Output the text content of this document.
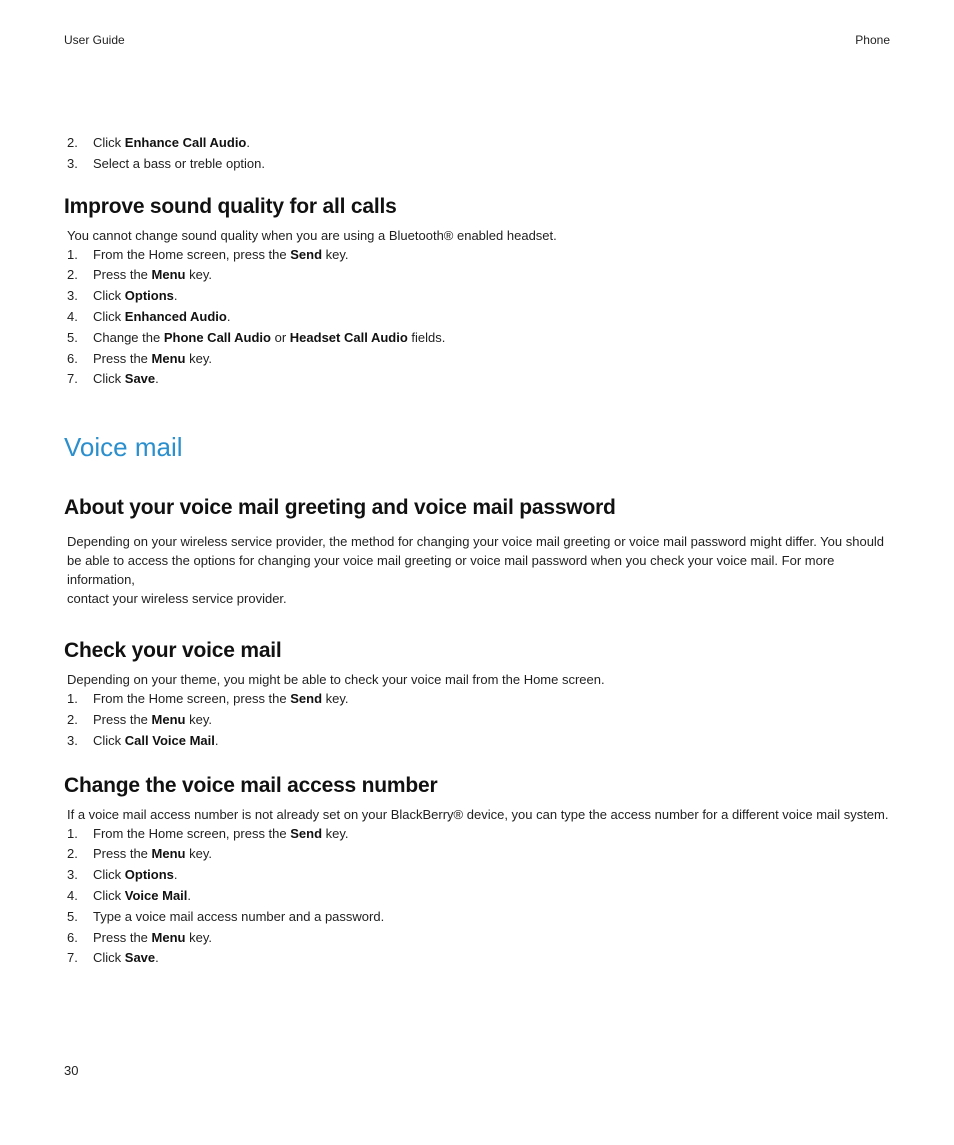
User Guide	Phone
2. Click Enhance Call Audio.
3. Select a bass or treble option.
Improve sound quality for all calls

You cannot change sound quality when you are using a Bluetooth® enabled headset.

1. From the Home screen, press the Send key.
2. Press the Menu key.
3. Click Options.
4. Click Enhanced Audio.
5. Change the Phone Call Audio or Headset Call Audio fields.
6. Press the Menu key.
7. Click Save.
Voice mail
About your voice mail greeting and voice mail password

Depending on your wireless service provider, the method for changing your voice mail greeting or voice mail password might differ. You should
be able to access the options for changing your voice mail greeting or voice mail password when you check your voice mail. For more information,
contact your wireless service provider.

Check your voice mail

Depending on your theme, you might be able to check your voice mail from the Home screen.

1. From the Home screen, press the Send key.
2. Press the Menu key.
3. Click Call Voice Mail.
Change the voice mail access number

If a voice mail access number is not already set on your BlackBerry® device, you can type the access number for a different voice mail system.

1. From the Home screen, press the Send key.
2. Press the Menu key.
3. Click Options.
4. Click Voice Mail.
5. Type a voice mail access number and a password.
6. Press the Menu key.
7. Click Save.
30
